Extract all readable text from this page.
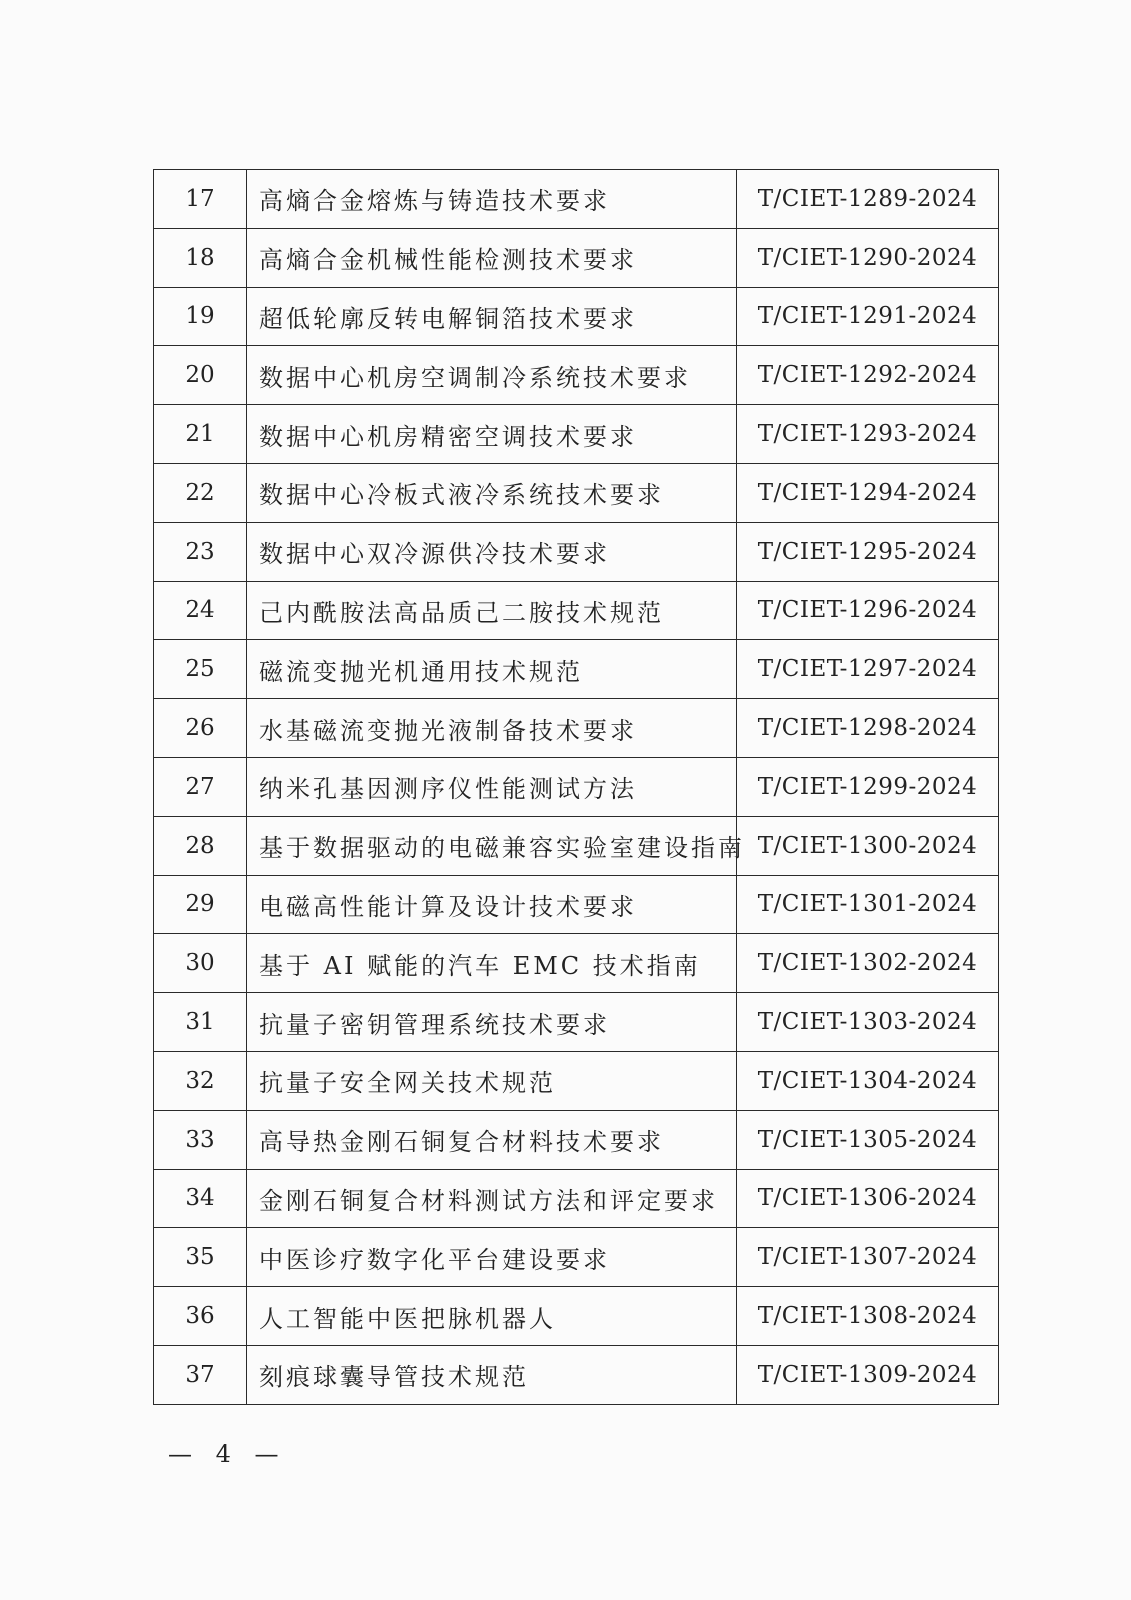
17	高熵合金熔炼与铸造技术要求	T/CIET-1289-2024
18	高熵合金机械性能检测技术要求	T/CIET-1290-2024
19	超低轮廓反转电解铜箔技术要求	T/CIET-1291-2024
20	数据中心机房空调制冷系统技术要求	T/CIET-1292-2024
21	数据中心机房精密空调技术要求	T/CIET-1293-2024
22	数据中心冷板式液冷系统技术要求	T/CIET-1294-2024
23	数据中心双冷源供冷技术要求	T/CIET-1295-2024
24	己内酰胺法高品质己二胺技术规范	T/CIET-1296-2024
25	磁流变抛光机通用技术规范	T/CIET-1297-2024
26	水基磁流变抛光液制备技术要求	T/CIET-1298-2024
27	纳米孔基因测序仪性能测试方法	T/CIET-1299-2024
28	基于数据驱动的电磁兼容实验室建设指南	T/CIET-1300-2024
29	电磁高性能计算及设计技术要求	T/CIET-1301-2024
30	基于 AI 赋能的汽车 EMC 技术指南	T/CIET-1302-2024
31	抗量子密钥管理系统技术要求	T/CIET-1303-2024
32	抗量子安全网关技术规范	T/CIET-1304-2024
33	高导热金刚石铜复合材料技术要求	T/CIET-1305-2024
34	金刚石铜复合材料测试方法和评定要求	T/CIET-1306-2024
35	中医诊疗数字化平台建设要求	T/CIET-1307-2024
36	人工智能中医把脉机器人	T/CIET-1308-2024
37	刻痕球囊导管技术规范	T/CIET-1309-2024
— 4 —
